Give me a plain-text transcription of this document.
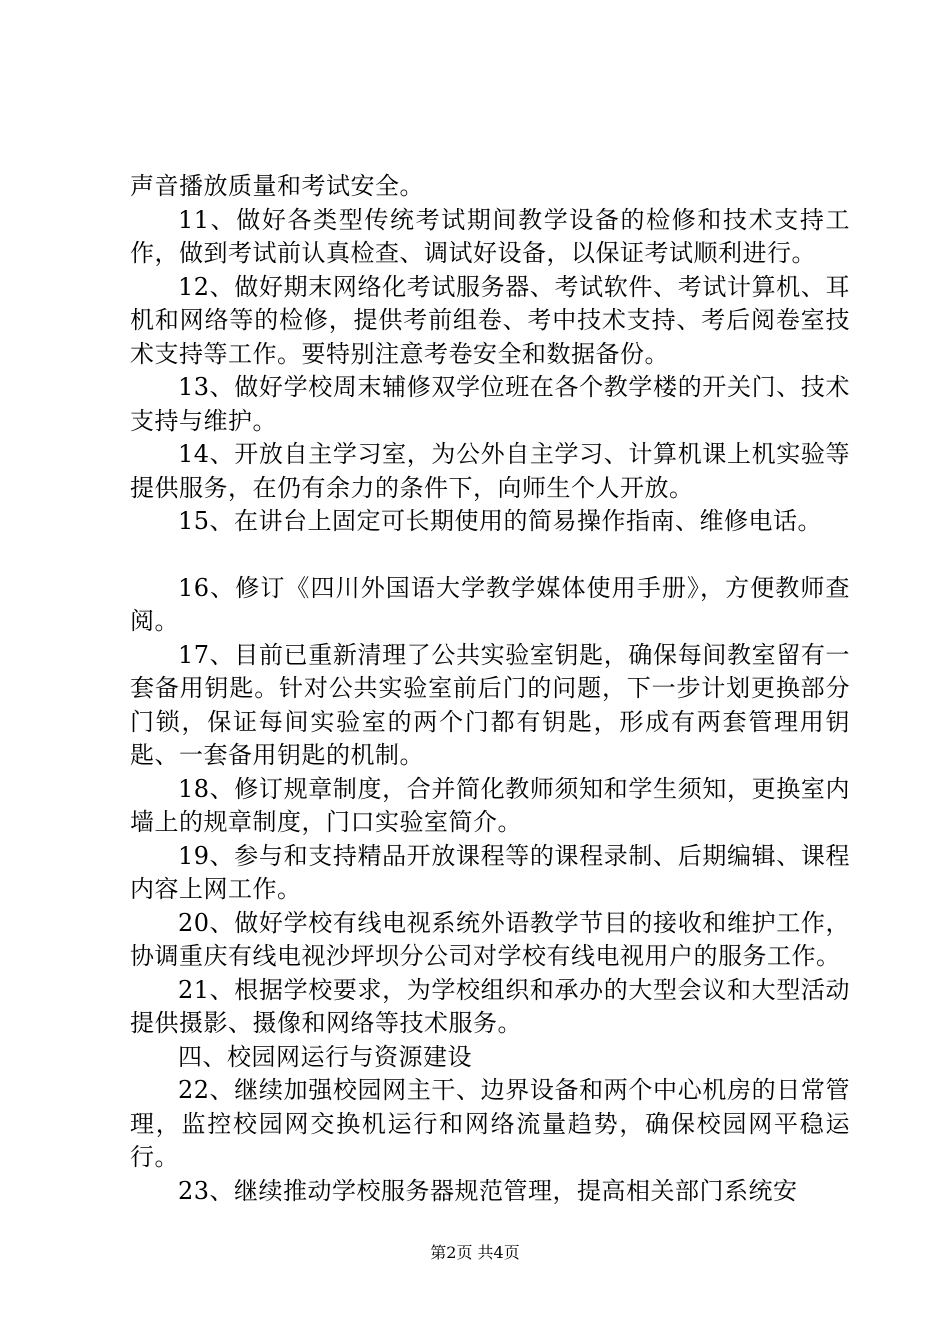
声音播放质量和考试安全。

11、做好各类型传统考试期间教学设备的检修和技术支持工作，做到考试前认真检查、调试好设备，以保证考试顺利进行。

12、做好期末网络化考试服务器、考试软件、考试计算机、耳机和网络等的检修，提供考前组卷、考中技术支持、考后阅卷室技术支持等工作。要特别注意考卷安全和数据备份。

13、做好学校周末辅修双学位班在各个教学楼的开关门、技术支持与维护。

14、开放自主学习室，为公外自主学习、计算机课上机实验等提供服务，在仍有余力的条件下，向师生个人开放。

15、在讲台上固定可长期使用的简易操作指南、维修电话。

16、修订《四川外国语大学教学媒体使用手册》，方便教师查阅。

17、目前已重新清理了公共实验室钥匙，确保每间教室留有一套备用钥匙。针对公共实验室前后门的问题，下一步计划更换部分门锁，保证每间实验室的两个门都有钥匙，形成有两套管理用钥匙、一套备用钥匙的机制。

18、修订规章制度，合并简化教师须知和学生须知，更换室内墙上的规章制度，门口实验室简介。

19、参与和支持精品开放课程等的课程录制、后期编辑、课程内容上网工作。

20、做好学校有线电视系统外语教学节目的接收和维护工作，协调重庆有线电视沙坪坝分公司对学校有线电视用户的服务工作。

21、根据学校要求，为学校组织和承办的大型会议和大型活动提供摄影、摄像和网络等技术服务。

四、校园网运行与资源建设

22、继续加强校园网主干、边界设备和两个中心机房的日常管理，监控校园网交换机运行和网络流量趋势，确保校园网平稳运行。

23、继续推动学校服务器规范管理，提高相关部门系统安

第2页 共4页
